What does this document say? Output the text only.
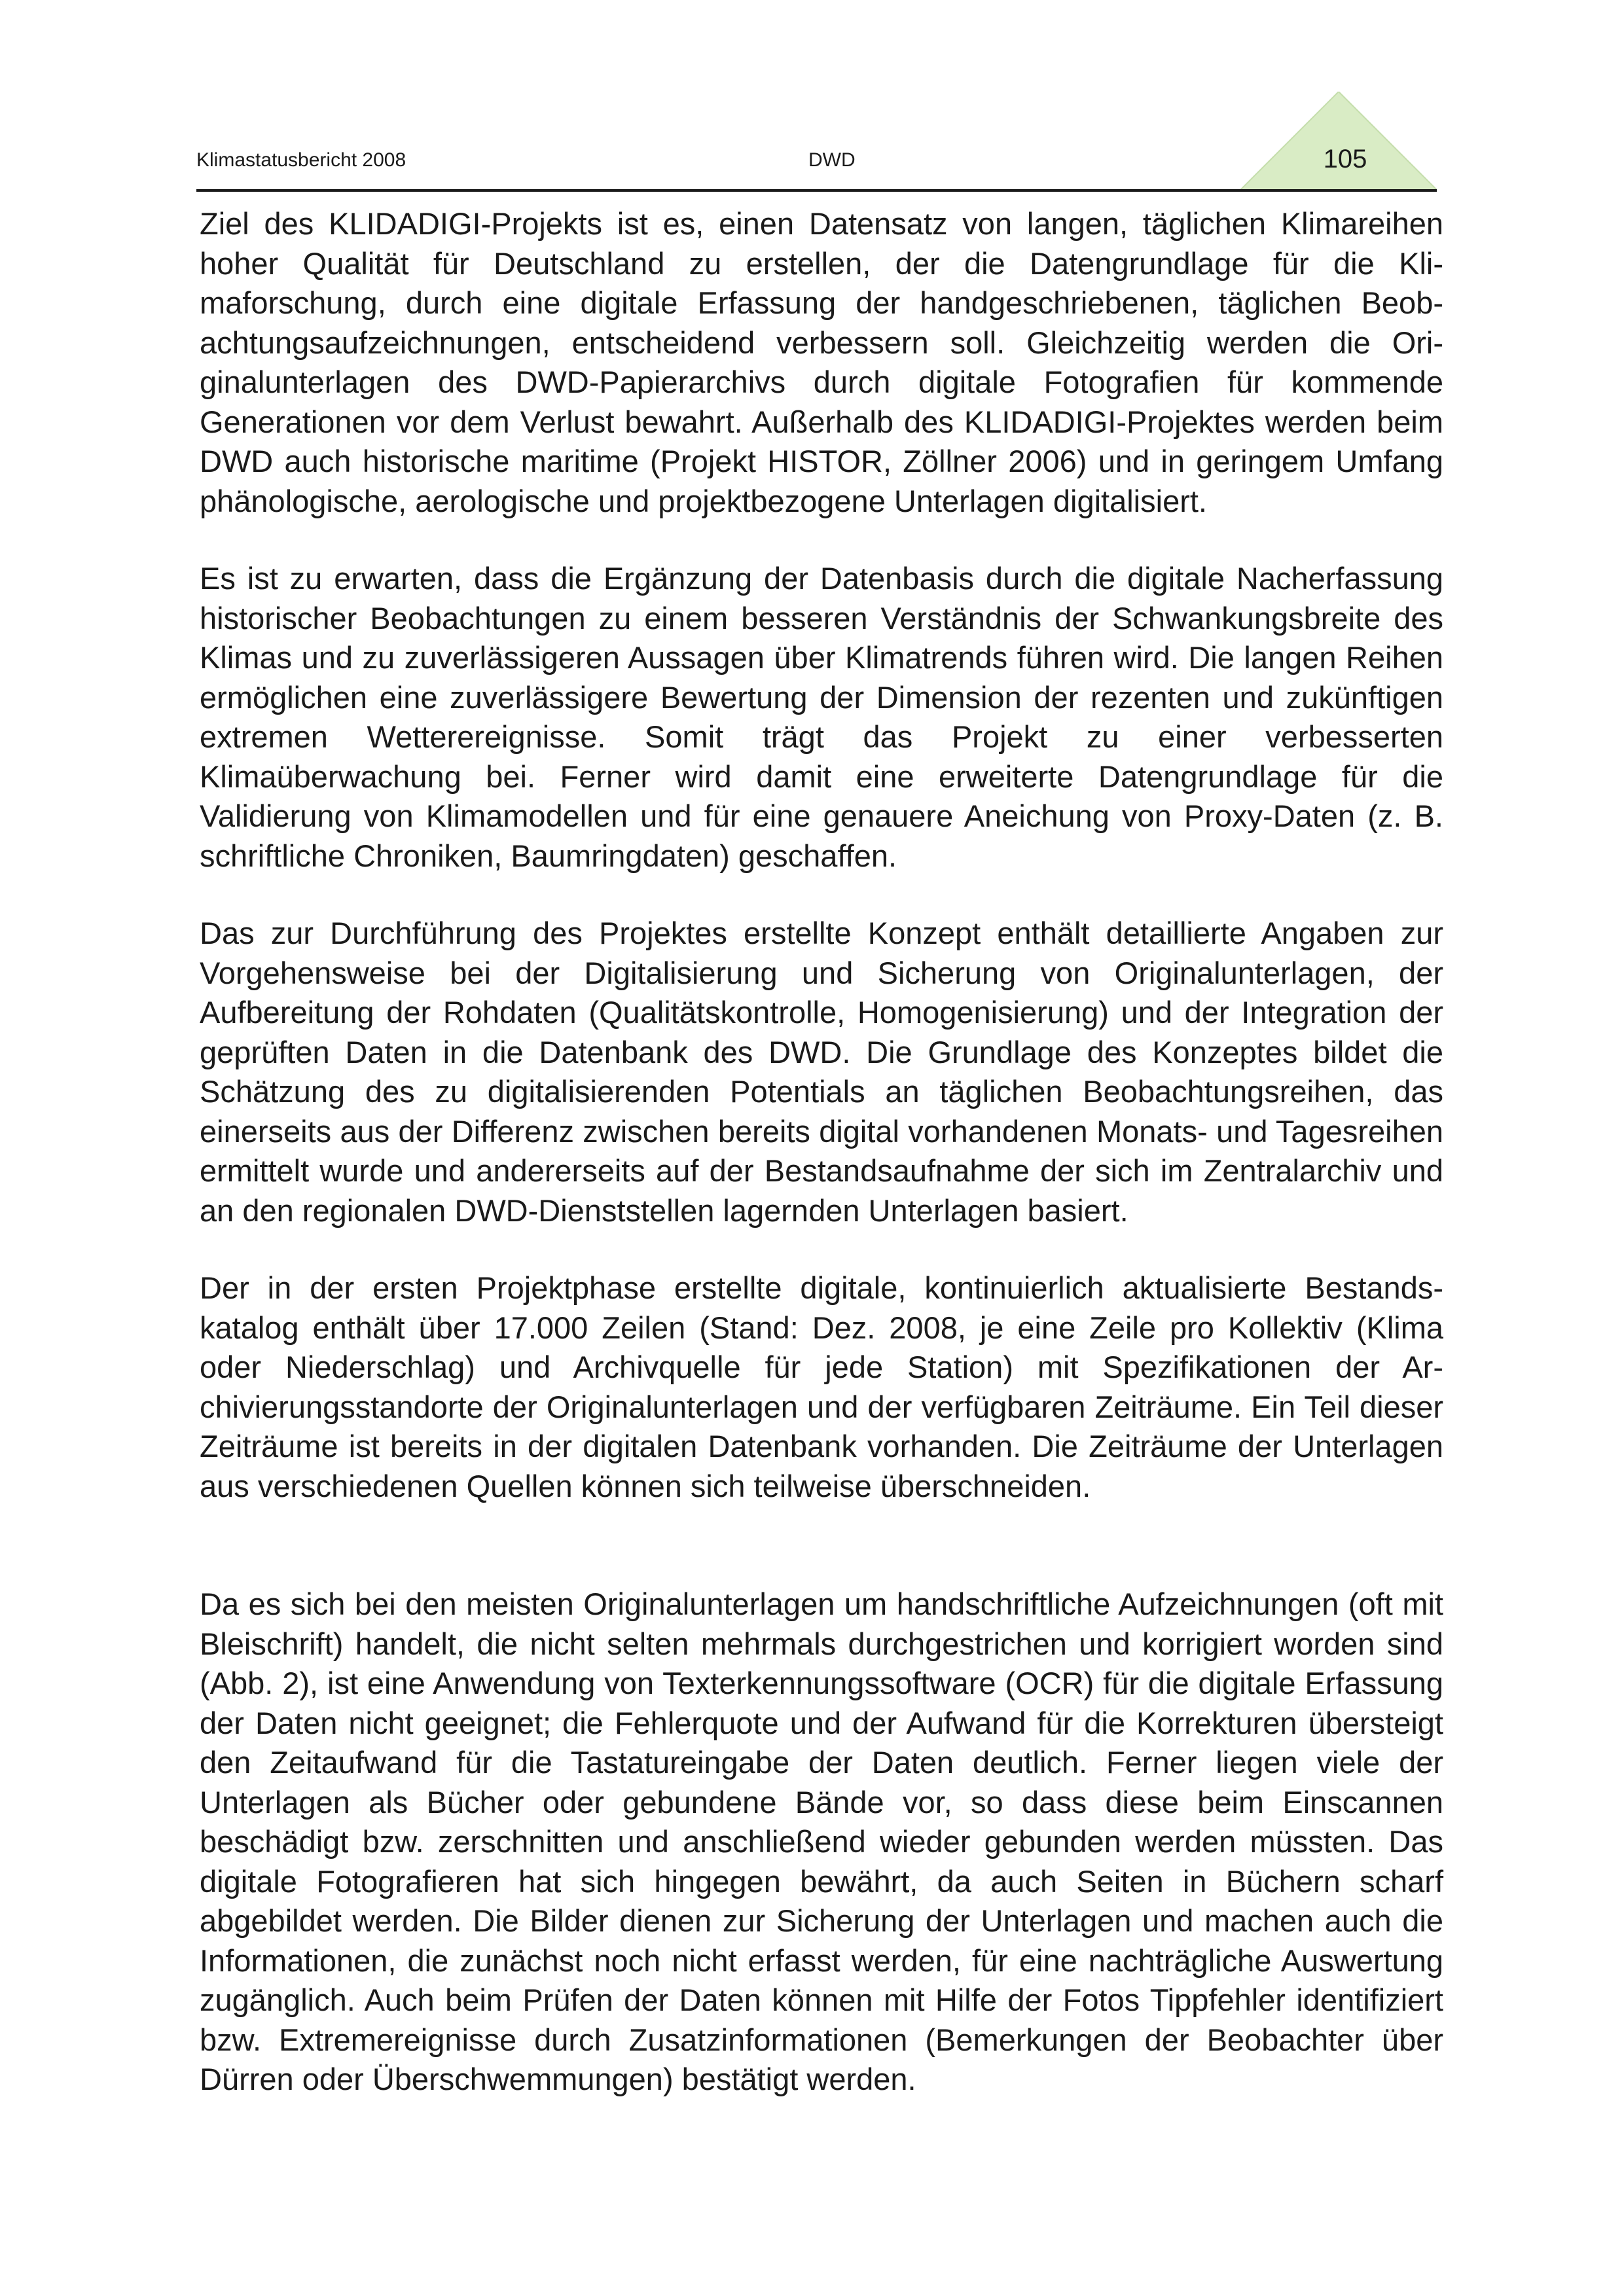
Klimastatusbericht 2008	DWD	105

Ziel des KLIDADIGI-Projekts ist es, einen Datensatz von langen, täglichen Klimareihen hoher Qualität für Deutschland zu erstellen, der die Datengrundlage für die Klimaforschung, durch eine digitale Erfassung der handgeschriebenen, täglichen Beobachtungsaufzeichnungen, entscheidend verbessern soll. Gleichzeitig werden die Originalunterlagen des DWD-Papierarchivs durch digitale Fotografien für kommende Generationen vor dem Verlust bewahrt. Außerhalb des KLIDADIGI-Projektes werden beim DWD auch historische maritime (Projekt HISTOR, Zöllner 2006) und in geringem Umfang phänologische, aerologische und projektbezogene Unterlagen digitalisiert.

Es ist zu erwarten, dass die Ergänzung der Datenbasis durch die digitale Nacherfassung historischer Beobachtungen zu einem besseren Verständnis der Schwankungsbreite des Klimas und zu zuverlässigeren Aussagen über Klimatrends führen wird. Die langen Reihen ermöglichen eine zuverlässigere Bewertung der Dimension der rezenten und zukünftigen extremen Wetterereignisse. Somit trägt das Projekt zu einer verbesserten Klimaüberwachung bei. Ferner wird damit eine erweiterte Datengrundlage für die Validierung von Klimamodellen und für eine genauere Aneichung von Proxy-Daten (z. B. schriftliche Chroniken, Baumringdaten) geschaffen.

Das zur Durchführung des Projektes erstellte Konzept enthält detaillierte Angaben zur Vorgehensweise bei der Digitalisierung und Sicherung von Originalunterlagen, der Aufbereitung der Rohdaten (Qualitätskontrolle, Homogenisierung) und der Integration der geprüften Daten in die Datenbank des DWD. Die Grundlage des Konzeptes bildet die Schätzung des zu digitalisierenden Potentials an täglichen Beobachtungsreihen, das einerseits aus der Differenz zwischen bereits digital vorhandenen Monats- und Tagesreihen ermittelt wurde und andererseits auf der Bestandsaufnahme der sich im Zentralarchiv und an den regionalen DWD-Dienststellen lagernden Unterlagen basiert.

Der in der ersten Projektphase erstellte digitale, kontinuierlich aktualisierte Bestandskatalog enthält über 17.000 Zeilen (Stand: Dez. 2008, je eine Zeile pro Kollektiv (Klima oder Niederschlag) und Archivquelle für jede Station) mit Spezifikationen der Archivierungsstandorte der Originalunterlagen und der verfügbaren Zeiträume. Ein Teil dieser Zeiträume ist bereits in der digitalen Datenbank vorhanden. Die Zeiträume der Unterlagen aus verschiedenen Quellen können sich teilweise überschneiden.

Da es sich bei den meisten Originalunterlagen um handschriftliche Aufzeichnungen (oft mit Bleischrift) handelt, die nicht selten mehrmals durchgestrichen und korrigiert worden sind (Abb. 2), ist eine Anwendung von Texterkennungssoftware (OCR) für die digitale Erfassung der Daten nicht geeignet; die Fehlerquote und der Aufwand für die Korrekturen übersteigt den Zeitaufwand für die Tastatureingabe der Daten deutlich. Ferner liegen viele der Unterlagen als Bücher oder gebundene Bände vor, so dass diese beim Einscannen beschädigt bzw. zerschnitten und anschließend wieder gebunden werden müssten. Das digitale Fotografieren hat sich hingegen bewährt, da auch Seiten in Büchern scharf abgebildet werden. Die Bilder dienen zur Sicherung der Unterlagen und machen auch die Informationen, die zunächst noch nicht erfasst werden, für eine nachträgliche Auswertung zugänglich. Auch beim Prüfen der Daten können mit Hilfe der Fotos Tippfehler identifiziert bzw. Extremereignisse durch Zusatzinformationen (Bemerkungen der Beobachter über Dürren oder Überschwemmungen) bestätigt werden.
